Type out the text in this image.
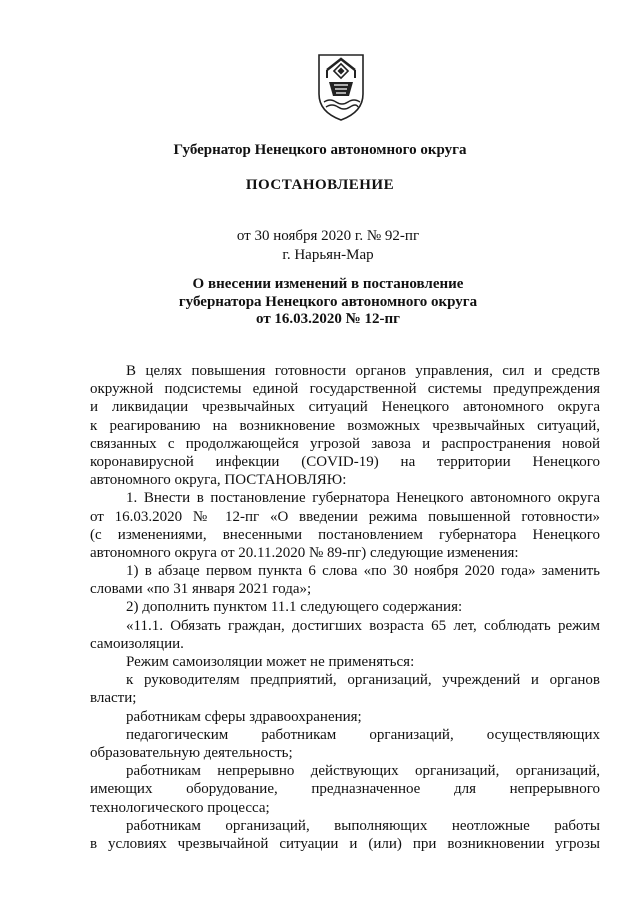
Губернатор Ненецкого автономного округа
ПОСТАНОВЛЕНИЕ
от 30 ноября 2020 г. № 92-пг
г. Нарьян-Мар
О внесении изменений в постановление
губернатора Ненецкого автономного округа
от 16.03.2020 № 12-пг
В целях повышения готовности органов управления, сил и средств
окружной подсистемы единой государственной системы предупреждения
и ликвидации чрезвычайных ситуаций Ненецкого автономного округа
к реагированию на возникновение возможных чрезвычайных ситуаций,
связанных с продолжающейся угрозой завоза и распространения новой
коронавирусной инфекции (COVID-19) на территории Ненецкого
автономного округа, ПОСТАНОВЛЯЮ:
1. Внести в постановление губернатора Ненецкого автономного округа
от 16.03.2020 № 12-пг «О введении режима повышенной готовности»
(с изменениями, внесенными постановлением губернатора Ненецкого
автономного округа от 20.11.2020 № 89-пг) следующие изменения:
1) в абзаце первом пункта 6 слова «по 30 ноября 2020 года» заменить
словами «по 31 января 2021 года»;
2) дополнить пунктом 11.1 следующего содержания:
«11.1. Обязать граждан, достигших возраста 65 лет, соблюдать режим
самоизоляции.
Режим самоизоляции может не применяться:
к руководителям предприятий, организаций, учреждений и органов
власти;
работникам сферы здравоохранения;
педагогическим работникам организаций, осуществляющих
образовательную деятельность;
работникам непрерывно действующих организаций, организаций,
имеющих оборудование, предназначенное для непрерывного
технологического процесса;
работникам организаций, выполняющих неотложные работы
в условиях чрезвычайной ситуации и (или) при возникновении угрозы
